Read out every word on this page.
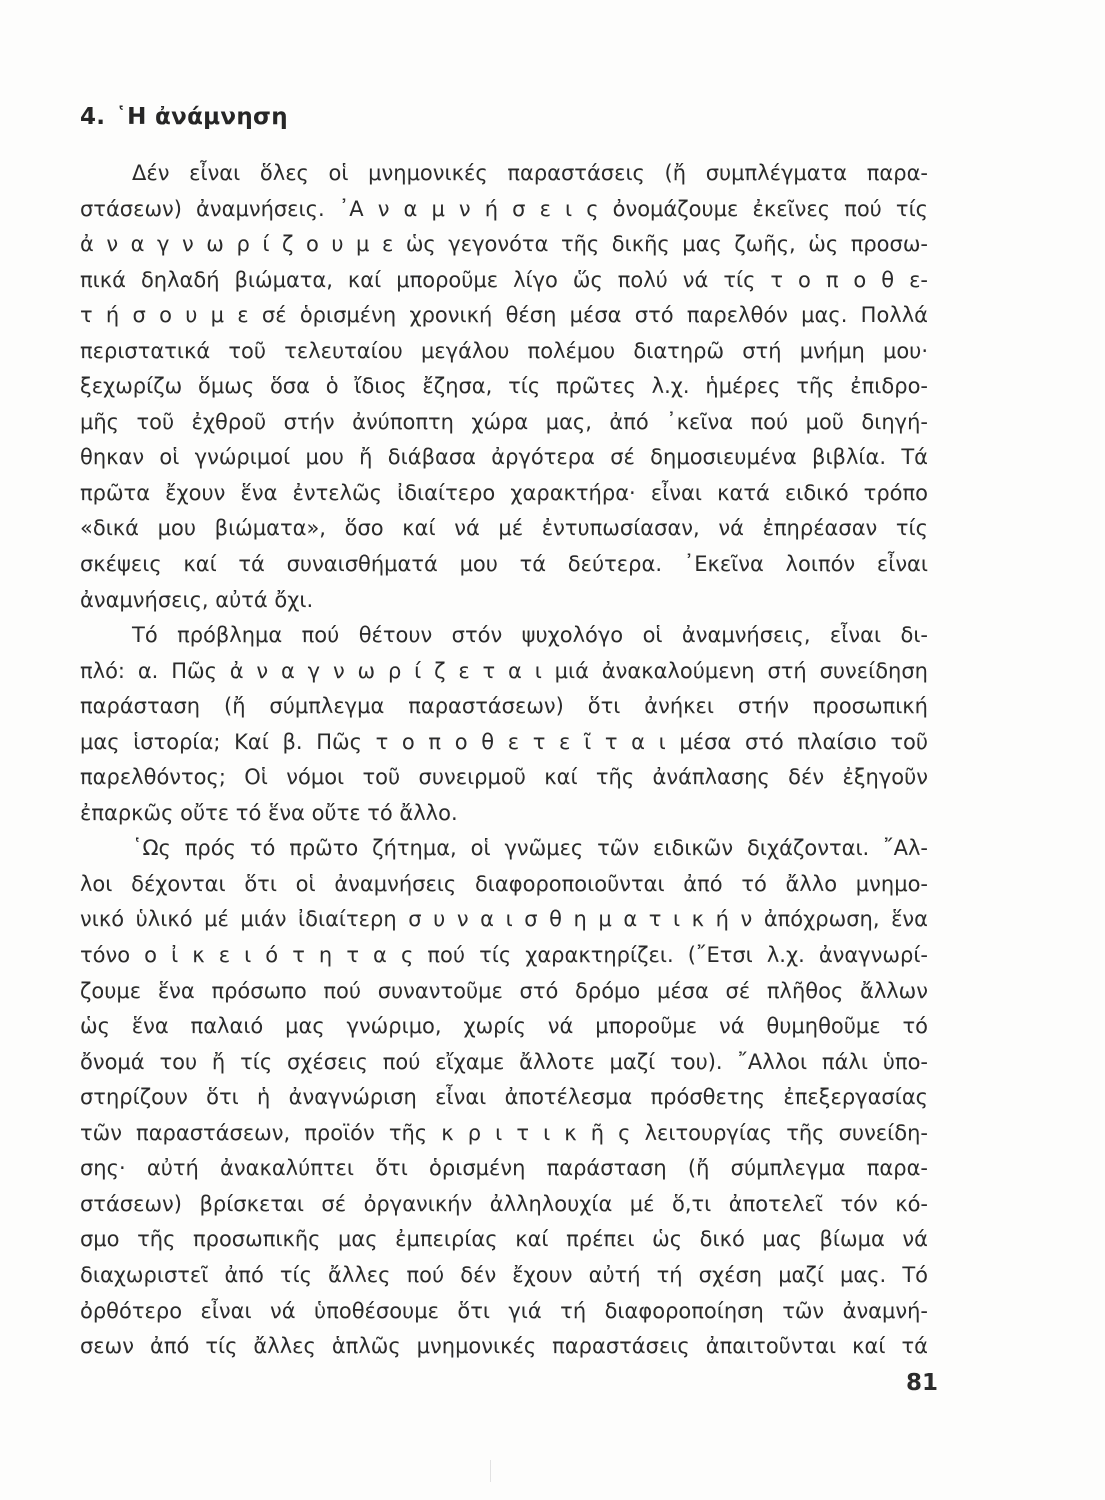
4. ῾Η ἀνάμνηση
Δέν εἶναι ὅλες οἱ μνημονικές παραστάσεις (ἤ συμπλέγματα παρα-
στάσεων) ἀναμνήσεις. ᾿Α ν α μ ν ή σ ε ι ς ὀνομάζουμε ἐκεῖνες πού τίς
ἀ ν α γ ν ω ρ ί ζ ο υ μ ε ὡς γεγονότα τῆς δικῆς μας ζωῆς, ὡς προσω-
πικά δηλαδή βιώματα, καί μποροῦμε λίγο ὥς πολύ νά τίς τ ο π ο θ ε-
τ ή σ ο υ μ ε σέ ὁρισμένη χρονική θέση μέσα στό παρελθόν μας. Πολλά
περιστατικά τοῦ τελευταίου μεγάλου πολέμου διατηρῶ στή μνήμη μου·
ξεχωρίζω ὅμως ὅσα ὁ ἴδιος ἔζησα, τίς πρῶτες λ.χ. ἡμέρες τῆς ἐπιδρο-
μῆς τοῦ ἐχθροῦ στήν ἀνύποπτη χώρα μας, ἀπό ᾿κεῖνα πού μοῦ διηγή-
θηκαν οἱ γνώριμοί μου ἤ διάβασα ἀργότερα σέ δημοσιευμένα βιβλία. Τά
πρῶτα ἔχουν ἕνα ἐντελῶς ἰδιαίτερο χαρακτήρα· εἶναι κατά ειδικό τρόπο
«δικά μου βιώματα», ὅσο καί νά μέ ἐντυπωσίασαν, νά ἐπηρέασαν τίς
σκέψεις καί τά συναισθήματά μου τά δεύτερα. ᾿Εκεῖνα λοιπόν εἶναι
ἀναμνήσεις, αὐτά ὄχι.
Τό πρόβλημα πού θέτουν στόν ψυχολόγο οἱ ἀναμνήσεις, εἶναι δι-
πλό: α. Πῶς ἀ ν α γ ν ω ρ ί ζ ε τ α ι μιά ἀνακαλούμενη στή συνείδηση
παράσταση (ἤ σύμπλεγμα παραστάσεων) ὅτι ἀνήκει στήν προσωπική
μας ἱστορία; Καί β. Πῶς τ ο π ο θ ε τ ε ῖ τ α ι μέσα στό πλαίσιο τοῦ
παρελθόντος; Οἱ νόμοι τοῦ συνειρμοῦ καί τῆς ἀνάπλασης δέν ἐξηγοῦν
ἐπαρκῶς οὔτε τό ἕνα οὔτε τό ἄλλο.
῾Ως πρός τό πρῶτο ζήτημα, οἱ γνῶμες τῶν ειδικῶν διχάζονται. ῎Αλ-
λοι δέχονται ὅτι οἱ ἀναμνήσεις διαφοροποιοῦνται ἀπό τό ἄλλο μνημο-
νικό ὑλικό μέ μιάν ἰδιαίτερη σ υ ν α ι σ θ η μ α τ ι κ ή ν ἀπόχρωση, ἕνα
τόνο ο ἰ κ ε ι ό τ η τ α ς πού τίς χαρακτηρίζει. (῎Ετσι λ.χ. ἀναγνωρί-
ζουμε ἕνα πρόσωπο πού συναντοῦμε στό δρόμο μέσα σέ πλῆθος ἄλλων
ὡς ἕνα παλαιό μας γνώριμο, χωρίς νά μποροῦμε νά θυμηθοῦμε τό
ὄνομά του ἤ τίς σχέσεις πού εἴχαμε ἄλλοτε μαζί του). ῎Αλλοι πάλι ὑπο-
στηρίζουν ὅτι ἡ ἀναγνώριση εἶναι ἀποτέλεσμα πρόσθετης ἐπεξεργασίας
τῶν παραστάσεων, προϊόν τῆς κ ρ ι τ ι κ ῆ ς λειτουργίας τῆς συνείδη-
σης· αὐτή ἀνακαλύπτει ὅτι ὁρισμένη παράσταση (ἤ σύμπλεγμα παρα-
στάσεων) βρίσκεται σέ ὀργανικήν ἀλληλουχία μέ ὅ,τι ἀποτελεῖ τόν κό-
σμο τῆς προσωπικῆς μας ἐμπειρίας καί πρέπει ὡς δικό μας βίωμα νά
διαχωριστεῖ ἀπό τίς ἄλλες πού δέν ἔχουν αὐτή τή σχέση μαζί μας. Τό
ὀρθότερο εἶναι νά ὑποθέσουμε ὅτι γιά τή διαφοροποίηση τῶν ἀναμνή-
σεων ἀπό τίς ἄλλες ἁπλῶς μνημονικές παραστάσεις ἀπαιτοῦνται καί τά
81
